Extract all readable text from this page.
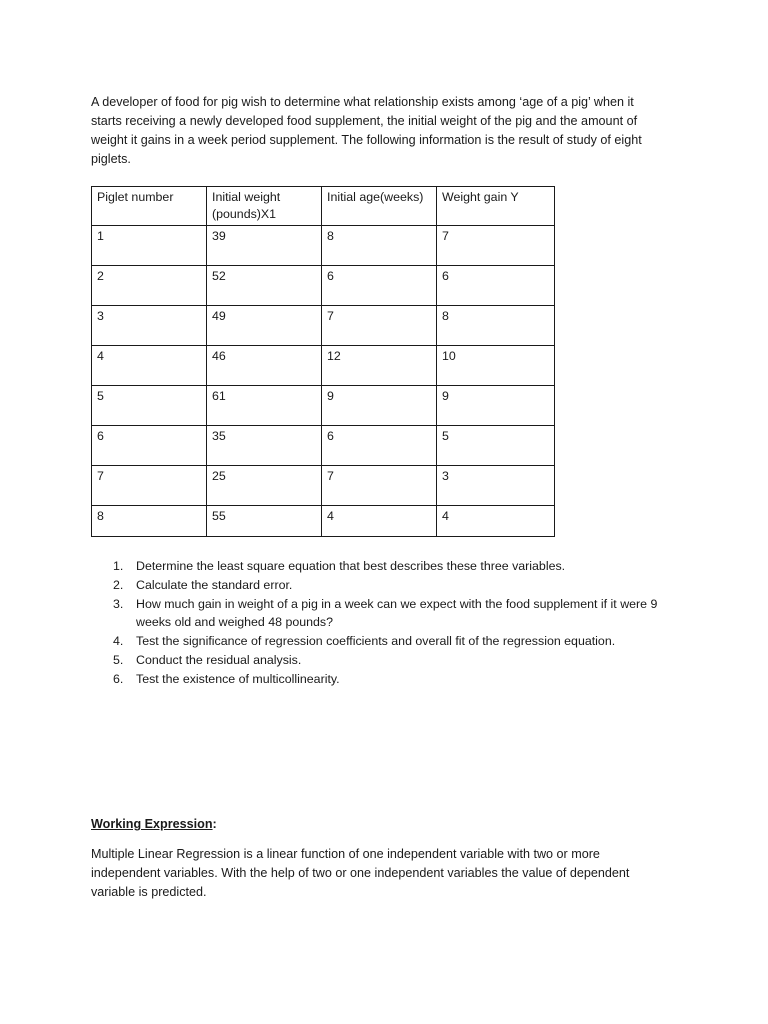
A developer of food for pig wish to determine what relationship exists among ‘age of a pig’ when it
starts receiving a newly developed food supplement, the initial weight of the pig and the amount of
weight it gains in a week period supplement. The following information is the result of study of eight
piglets.

Piglet number	Initial weight (pounds)X1	Initial age(weeks)	Weight gain Y
1	39	8	7
2	52	6	6
3	49	7	8
4	46	12	10
5	61	9	9
6	35	6	5
7	25	7	3
8	55	4	4
1. Determine the least square equation that best describes these three variables.
2. Calculate the standard error.
3. How much gain in weight of a pig in a week can we expect with the food supplement if it were 9 weeks old and weighed 48 pounds?
4. Test the significance of regression coefficients and overall fit of the regression equation.
5. Conduct the residual analysis.
6. Test the existence of multicollinearity.

Working Expression:

Multiple Linear Regression is a linear function of one independent variable with two or more
independent variables. With the help of two or one independent variables the value of dependent
variable is predicted.
